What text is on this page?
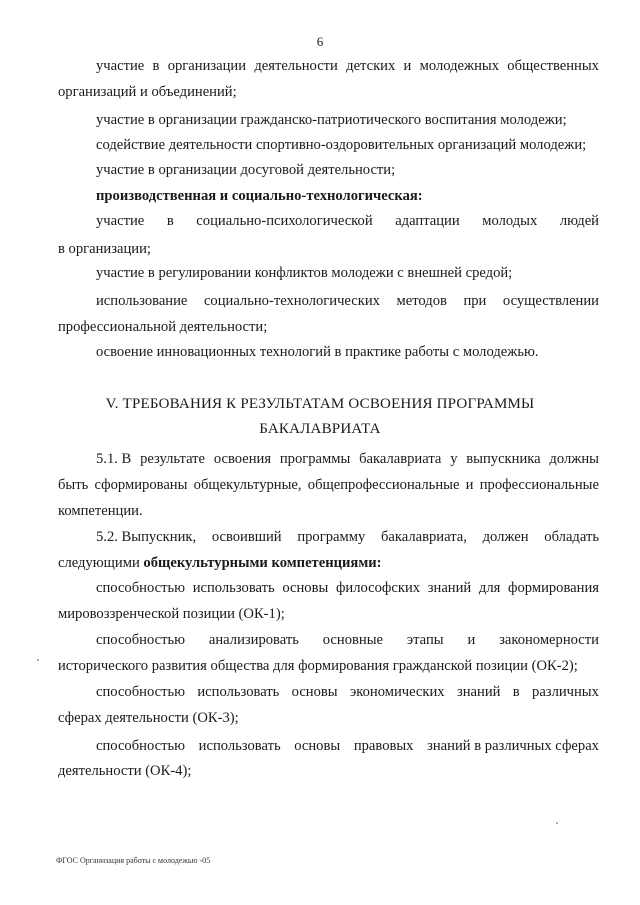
6
участие в организации деятельности детских и молодежных общественных
организаций и объединений;
участие в организации гражданско-патриотического воспитания молодежи;
содействие деятельности спортивно-оздоровительных организаций молодежи;
участие в организации досуговой деятельности;
производственная и социально-технологическая:
участие в социально-психологической адаптации молодых людей
в организации;
участие в регулировании конфликтов молодежи с внешней средой;
использование социально-технологических методов при осуществлении
профессиональной деятельности;
освоение инновационных технологий в практике работы с молодежью.
V. ТРЕБОВАНИЯ К РЕЗУЛЬТАТАМ ОСВОЕНИЯ ПРОГРАММЫ
БАКАЛАВРИАТА
5.1. В результате освоения программы бакалавриата у выпускника должны
быть сформированы общекультурные, общепрофессиональные и профессиональные
компетенции.
5.2. Выпускник, освоивший программу бакалавриата, должен обладать
следующими общекультурными компетенциями:
способностью использовать основы философских знаний для формирования
мировоззренческой позиции (ОК-1);
способностью анализировать основные этапы и закономерности
исторического развития общества для формирования гражданской позиции (ОК-2);
способностью использовать основы экономических знаний в различных
сферах деятельности (ОК-3);
способностью использовать основы правовых знаний в различных сферах
деятельности (ОК-4);
ФГОС Организация работы с молодежью -05
